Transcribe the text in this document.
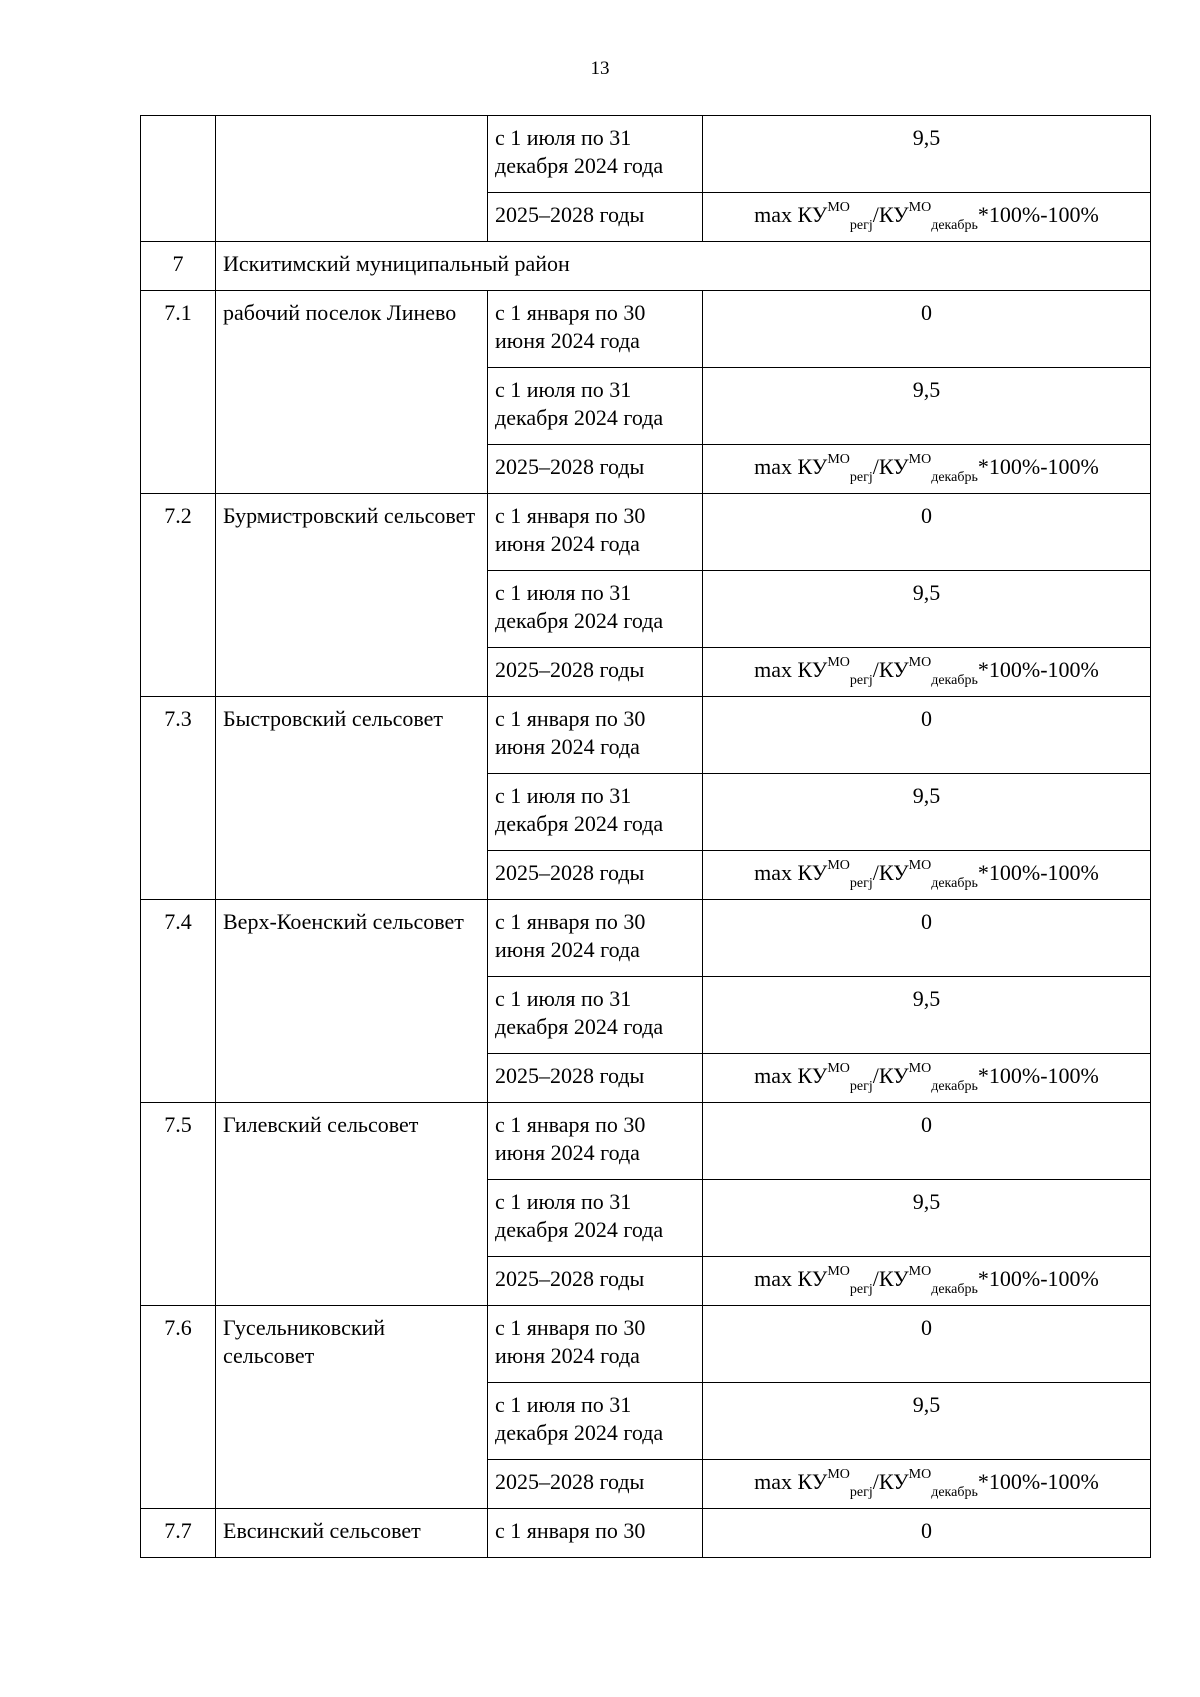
13
		с 1 июля по 31 декабря 2024 года	9,5
		2025–2028 годы	$\max КУ^{МО}_{регj}/КУ^{МО}_{декабрь}*100\%-100\%$
7	Искитимский муниципальный район		
7.1	рабочий поселок Линево	с 1 января по 30 июня 2024 года	0
		с 1 июля по 31 декабря 2024 года	9,5
		2025–2028 годы	$\max КУ^{МО}_{регj}/КУ^{МО}_{декабрь}*100\%-100\%$
7.2	Бурмистровский сельсовет	с 1 января по 30 июня 2024 года	0
		с 1 июля по 31 декабря 2024 года	9,5
		2025–2028 годы	$\max КУ^{МО}_{регj}/КУ^{МО}_{декабрь}*100\%-100\%$
7.3	Быстровский сельсовет	с 1 января по 30 июня 2024 года	0
		с 1 июля по 31 декабря 2024 года	9,5
		2025–2028 годы	$\max КУ^{МО}_{регj}/КУ^{МО}_{декабрь}*100\%-100\%$
7.4	Верх-Коенский сельсовет	с 1 января по 30 июня 2024 года	0
		с 1 июля по 31 декабря 2024 года	9,5
		2025–2028 годы	$\max КУ^{МО}_{регj}/КУ^{МО}_{декабрь}*100\%-100\%$
7.5	Гилевский сельсовет	с 1 января по 30 июня 2024 года	0
		с 1 июля по 31 декабря 2024 года	9,5
		2025–2028 годы	$\max КУ^{МО}_{регj}/КУ^{МО}_{декабрь}*100\%-100\%$
7.6	Гусельниковский сельсовет	с 1 января по 30 июня 2024 года	0
		с 1 июля по 31 декабря 2024 года	9,5
		2025–2028 годы	$\max КУ^{МО}_{регj}/КУ^{МО}_{декабрь}*100\%-100\%$
7.7	Евсинский сельсовет	с 1 января по 30	0
